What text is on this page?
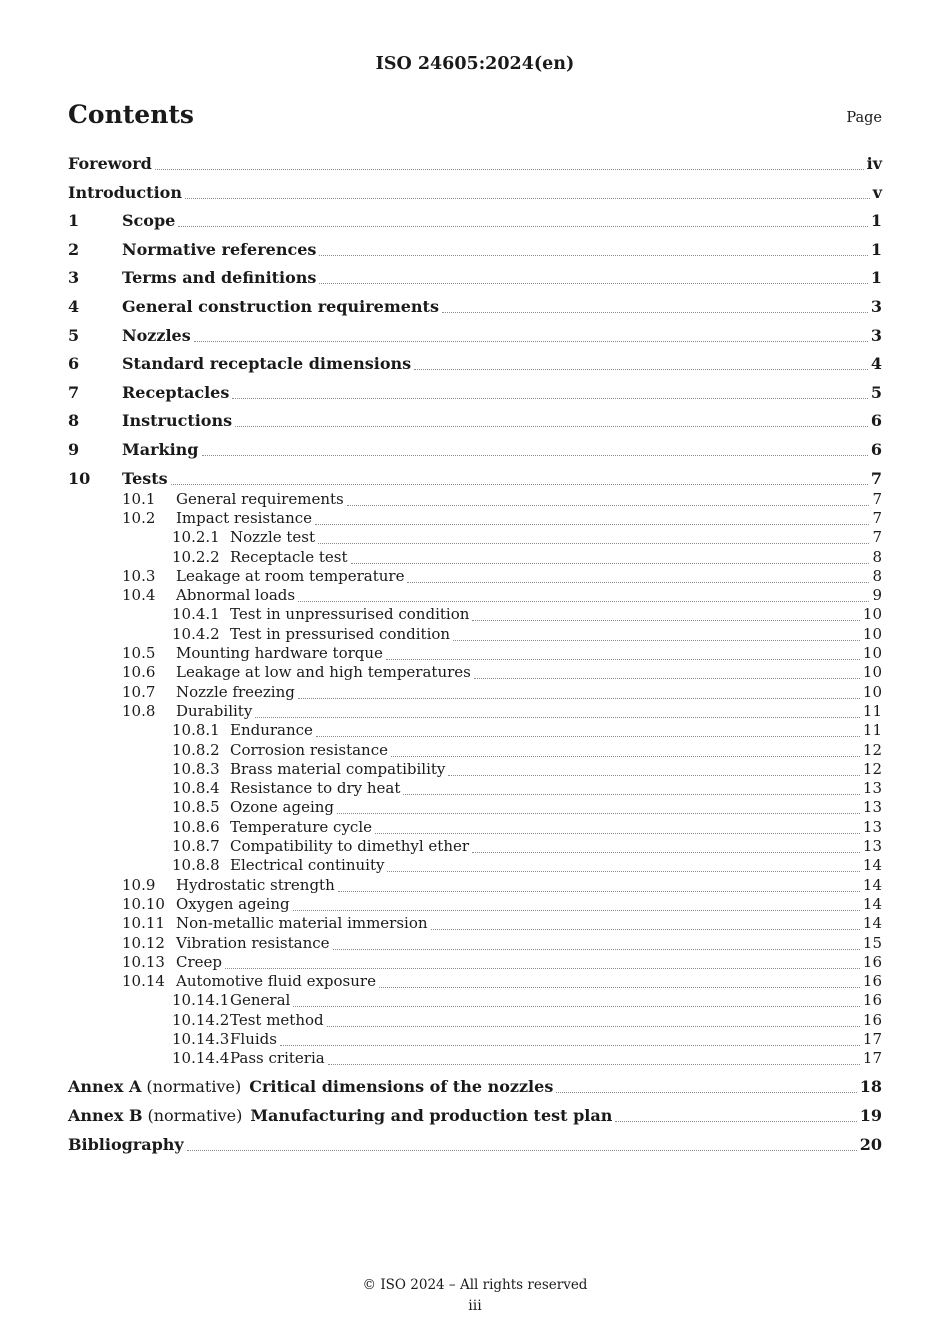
ISO 24605:2024(en)
Contents	Page
Foreword	iv
Introduction	v
1	Scope	1
2	Normative references	1
3	Terms and definitions	1
4	General construction requirements	3
5	Nozzles	3
6	Standard receptacle dimensions	4
7	Receptacles	5
8	Instructions	6
9	Marking	6
10	Tests	7
10.1	General requirements	7
10.2	Impact resistance	7
10.2.1 Nozzle test	7
10.2.2 Receptacle test	8
10.3	Leakage at room temperature	8
10.4	Abnormal loads	9
10.4.1 Test in unpressurised condition	10
10.4.2 Test in pressurised condition	10
10.5	Mounting hardware torque	10
10.6	Leakage at low and high temperatures	10
10.7	Nozzle freezing	10
10.8	Durability	11
10.8.1 Endurance	11
10.8.2 Corrosion resistance	12
10.8.3 Brass material compatibility	12
10.8.4 Resistance to dry heat	13
10.8.5 Ozone ageing	13
10.8.6 Temperature cycle	13
10.8.7 Compatibility to dimethyl ether	13
10.8.8 Electrical continuity	14
10.9	Hydrostatic strength	14
10.10 Oxygen ageing	14
10.11 Non-metallic material immersion	14
10.12 Vibration resistance	15
10.13 Creep	16
10.14 Automotive fluid exposure	16
10.14.1 General	16
10.14.2 Test method	16
10.14.3 Fluids	17
10.14.4 Pass criteria	17
Annex A (normative) Critical dimensions of the nozzles	18
Annex B (normative) Manufacturing and production test plan	19
Bibliography	20
© ISO 2024 – All rights reserved
iii
